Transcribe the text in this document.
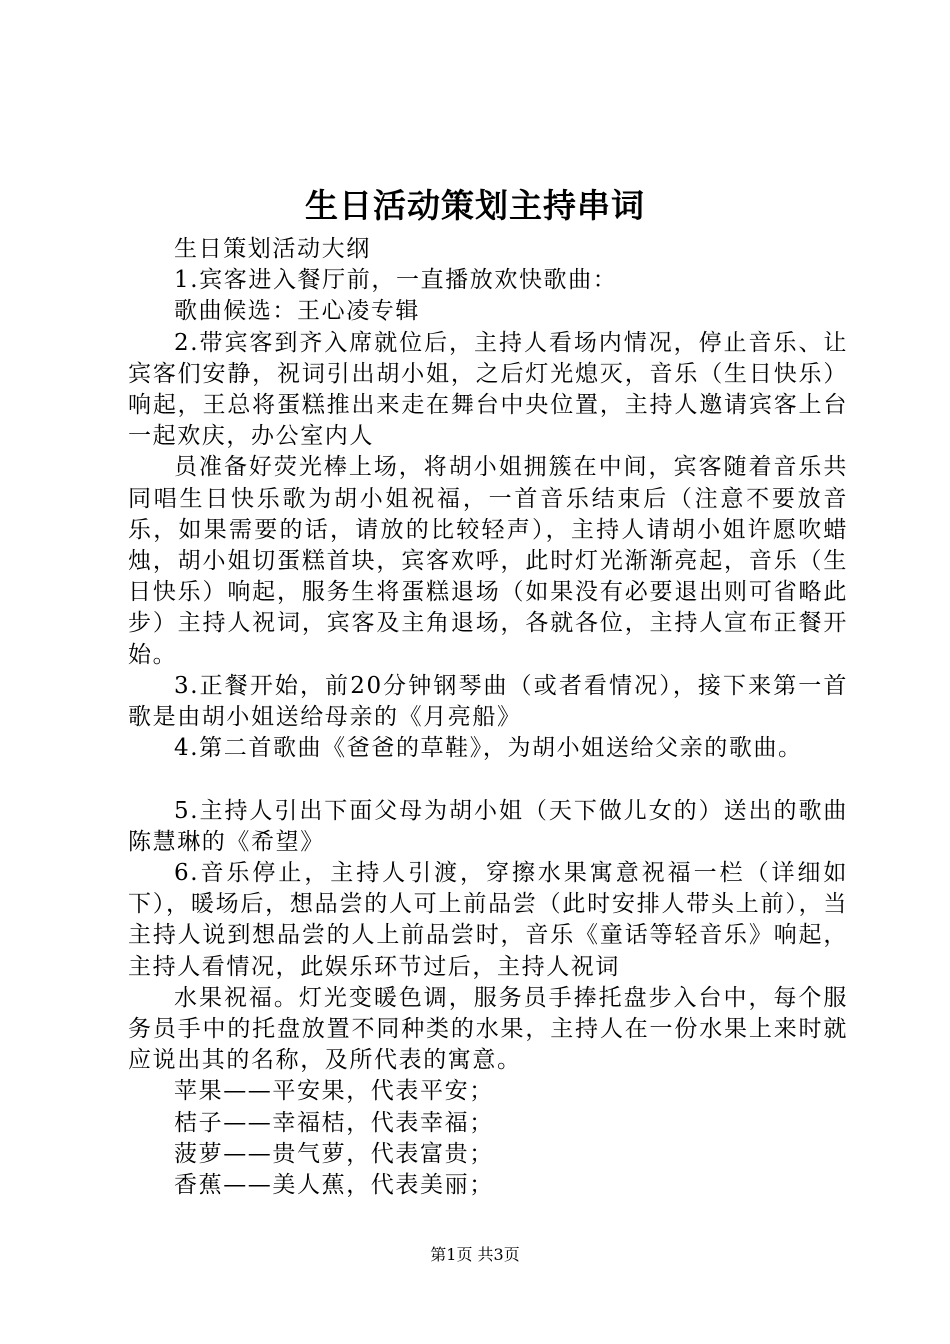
生日活动策划主持串词

生日策划活动大纲

1.宾客进入餐厅前，一直播放欢快歌曲：

歌曲候选：王心凌专辑

2.带宾客到齐入席就位后，主持人看场内情况，停止音乐、让宾客们安静，祝词引出胡小姐，之后灯光熄灭，音乐（生日快乐）响起，王总将蛋糕推出来走在舞台中央位置，主持人邀请宾客上台一起欢庆，办公室内人

员准备好荧光棒上场，将胡小姐拥簇在中间，宾客随着音乐共同唱生日快乐歌为胡小姐祝福，一首音乐结束后（注意不要放音乐，如果需要的话，请放的比较轻声），主持人请胡小姐许愿吹蜡烛，胡小姐切蛋糕首块，宾客欢呼，此时灯光渐渐亮起，音乐（生日快乐）响起，服务生将蛋糕退场（如果没有必要退出则可省略此步）主持人祝词，宾客及主角退场，各就各位，主持人宣布正餐开始。

3.正餐开始，前20分钟钢琴曲（或者看情况），接下来第一首歌是由胡小姐送给母亲的《月亮船》

4.第二首歌曲《爸爸的草鞋》，为胡小姐送给父亲的歌曲。

5.主持人引出下面父母为胡小姐（天下做儿女的）送出的歌曲陈慧琳的《希望》

6.音乐停止，主持人引渡，穿擦水果寓意祝福一栏（详细如下），暖场后，想品尝的人可上前品尝（此时安排人带头上前），当主持人说到想品尝的人上前品尝时，音乐《童话等轻音乐》响起，主持人看情况，此娱乐环节过后，主持人祝词

水果祝福。灯光变暖色调，服务员手捧托盘步入台中，每个服务员手中的托盘放置不同种类的水果，主持人在一份水果上来时就应说出其的名称，及所代表的寓意。

苹果——平安果，代表平安；

桔子——幸福桔，代表幸福；

菠萝——贵气萝，代表富贵；

香蕉——美人蕉，代表美丽；

第1页 共3页
